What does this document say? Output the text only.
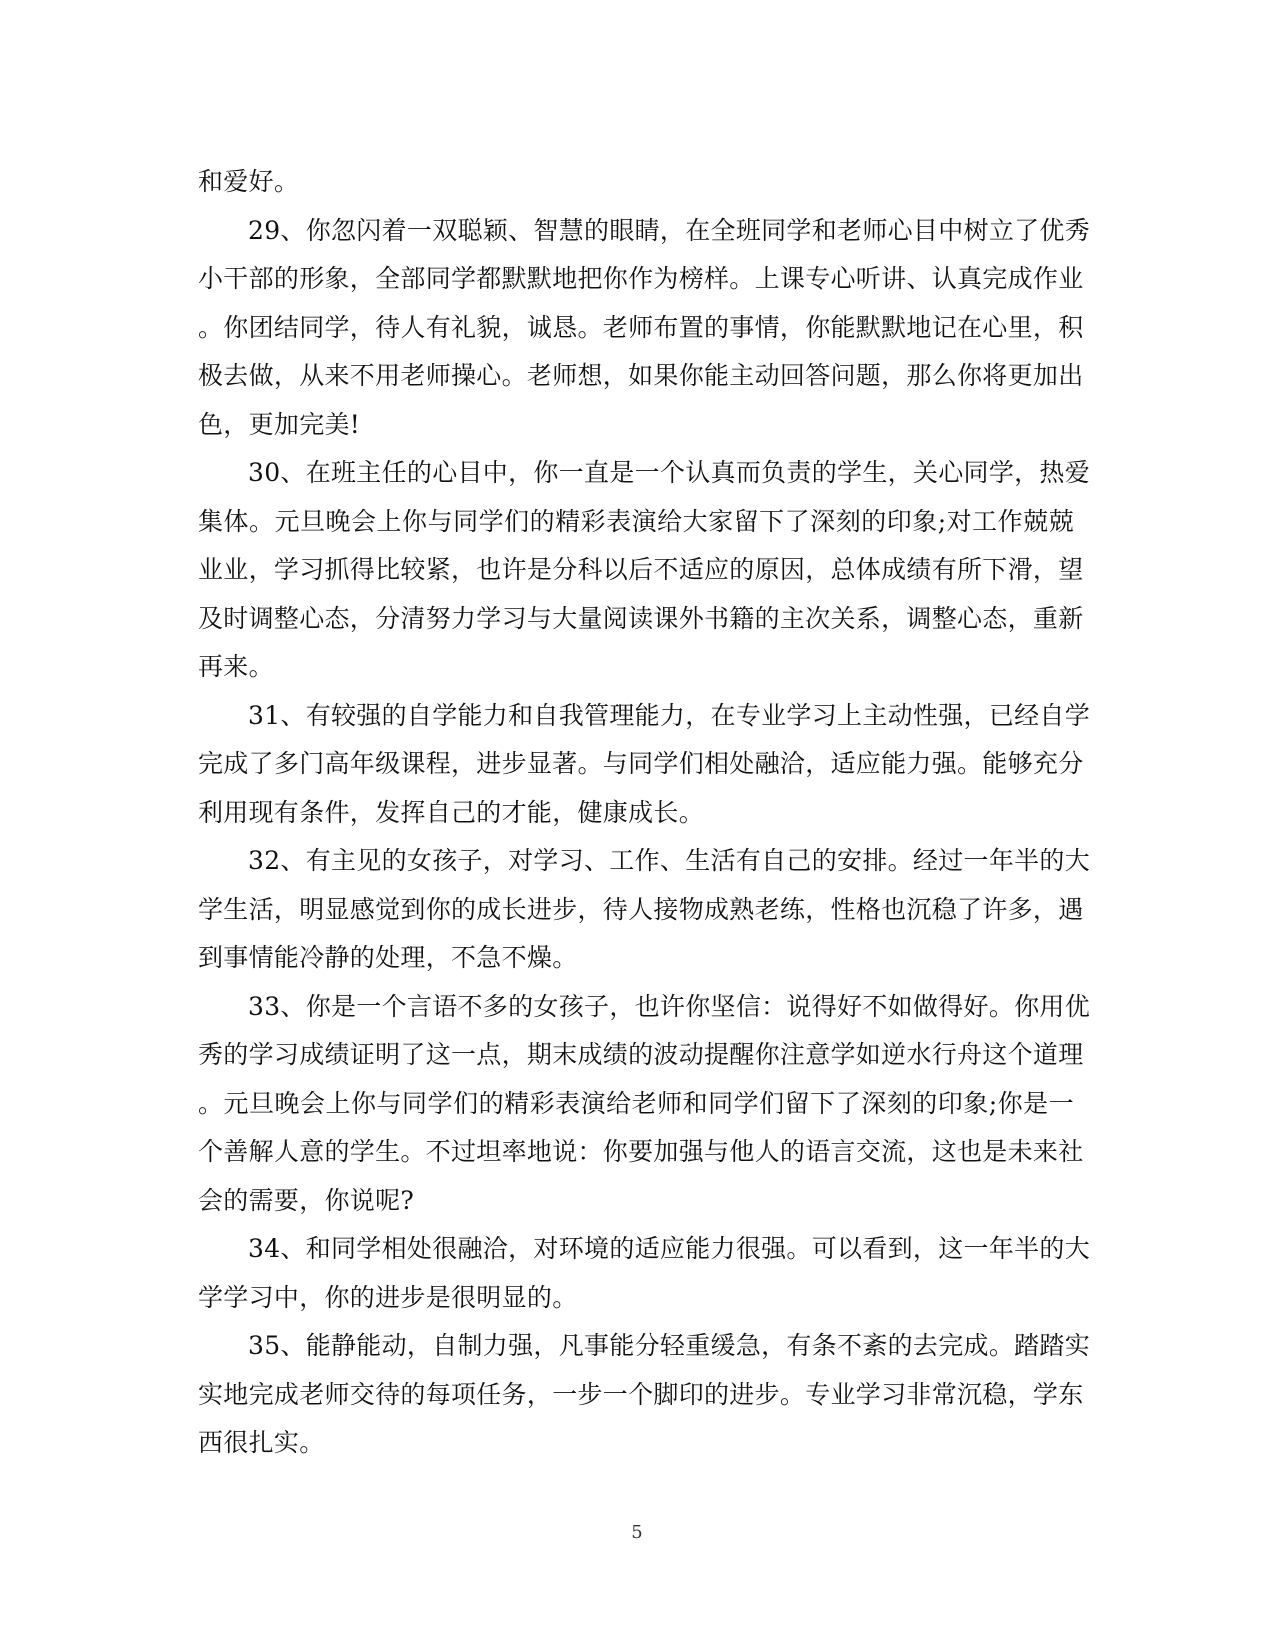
和爱好。
29、你忽闪着一双聪颖、智慧的眼睛，在全班同学和老师心目中树立了优秀
小干部的形象，全部同学都默默地把你作为榜样。上课专心听讲、认真完成作业
。你团结同学，待人有礼貌，诚恳。老师布置的事情，你能默默地记在心里，积
极去做，从来不用老师操心。老师想，如果你能主动回答问题，那么你将更加出
色，更加完美!
30、在班主任的心目中，你一直是一个认真而负责的学生，关心同学，热爱
集体。元旦晚会上你与同学们的精彩表演给大家留下了深刻的印象;对工作兢兢
业业，学习抓得比较紧，也许是分科以后不适应的原因，总体成绩有所下滑，望
及时调整心态，分清努力学习与大量阅读课外书籍的主次关系，调整心态，重新
再来。
31、有较强的自学能力和自我管理能力，在专业学习上主动性强，已经自学
完成了多门高年级课程，进步显著。与同学们相处融洽，适应能力强。能够充分
利用现有条件，发挥自己的才能，健康成长。
32、有主见的女孩子，对学习、工作、生活有自己的安排。经过一年半的大
学生活，明显感觉到你的成长进步，待人接物成熟老练，性格也沉稳了许多，遇
到事情能冷静的处理，不急不燥。
33、你是一个言语不多的女孩子，也许你坚信：说得好不如做得好。你用优
秀的学习成绩证明了这一点，期末成绩的波动提醒你注意学如逆水行舟这个道理
。元旦晚会上你与同学们的精彩表演给老师和同学们留下了深刻的印象;你是一
个善解人意的学生。不过坦率地说：你要加强与他人的语言交流，这也是未来社
会的需要，你说呢?
34、和同学相处很融洽，对环境的适应能力很强。可以看到，这一年半的大
学学习中，你的进步是很明显的。
35、能静能动，自制力强，凡事能分轻重缓急，有条不紊的去完成。踏踏实
实地完成老师交待的每项任务，一步一个脚印的进步。专业学习非常沉稳，学东
西很扎实。
5
